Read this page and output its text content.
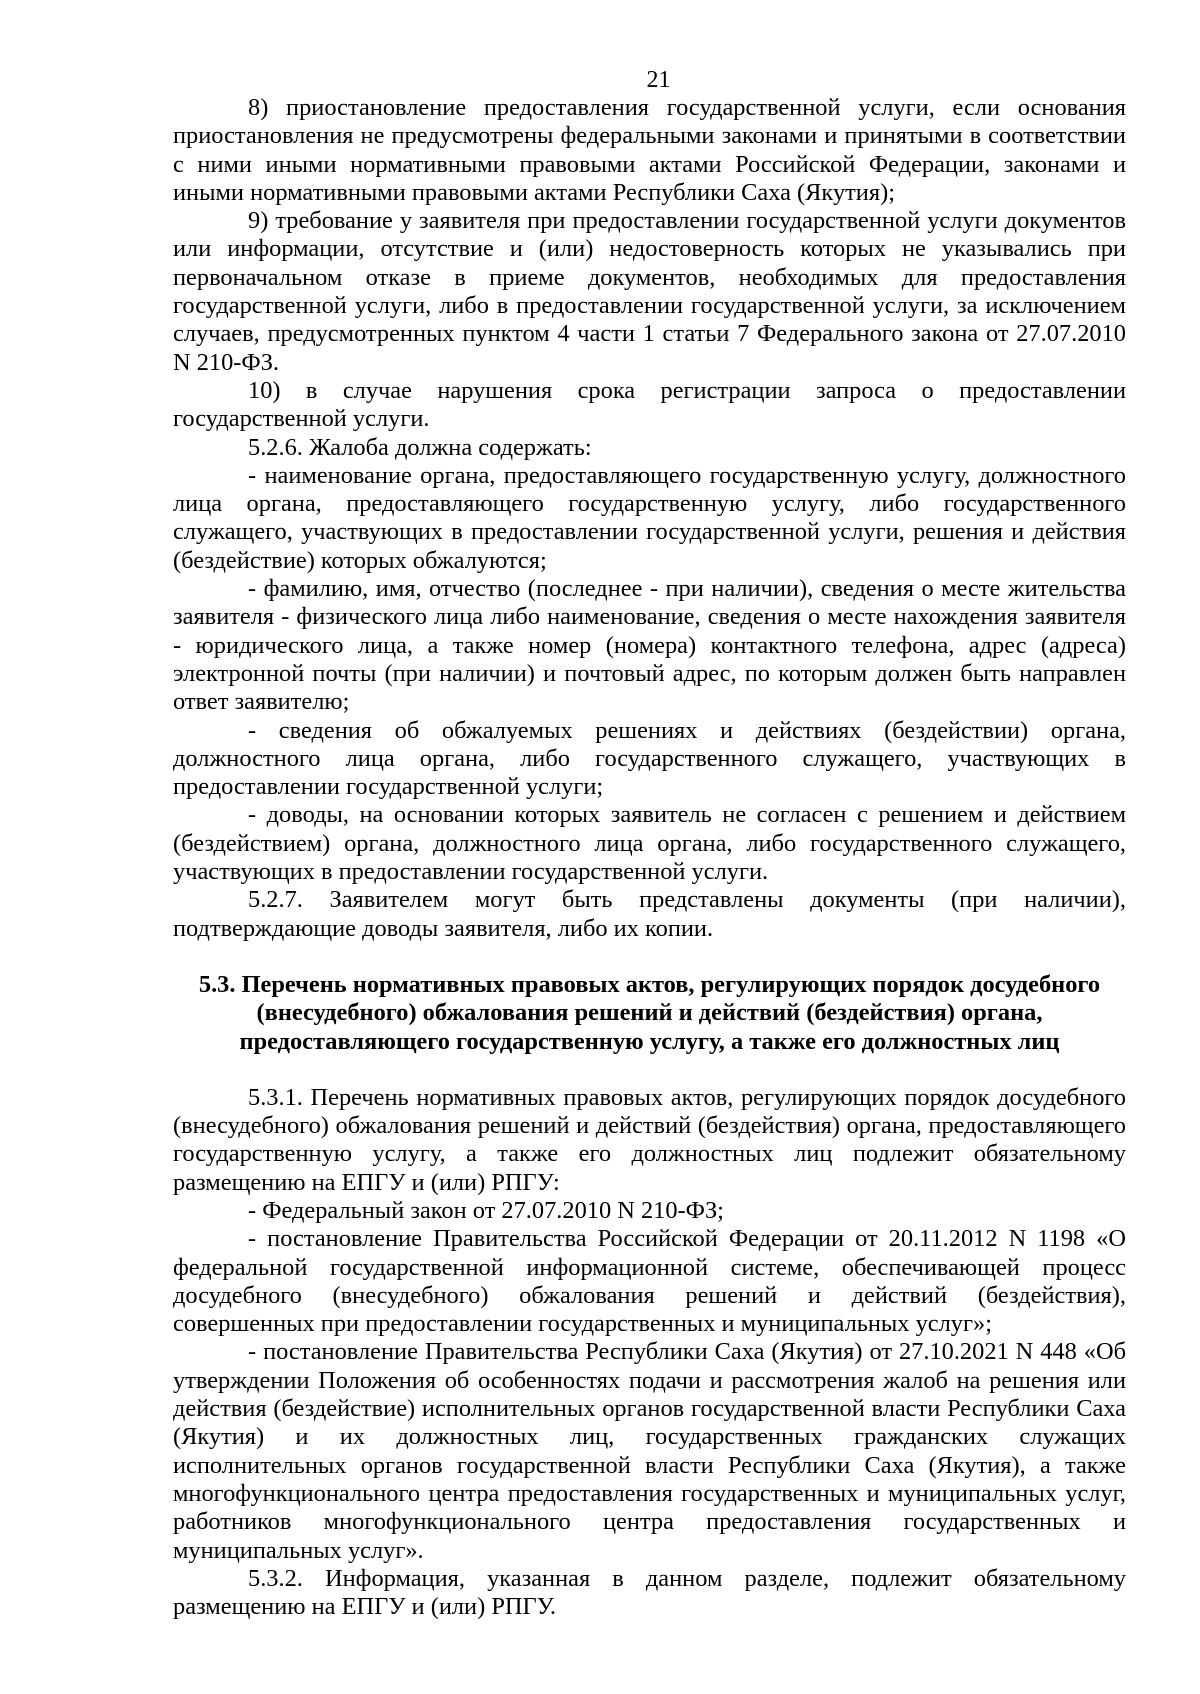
21

8) приостановление предоставления государственной услуги, если основания приостановления не предусмотрены федеральными законами и принятыми в соответствии с ними иными нормативными правовыми актами Российской Федерации, законами и иными нормативными правовыми актами Республики Саха (Якутия);

9) требование у заявителя при предоставлении государственной услуги документов или информации, отсутствие и (или) недостоверность которых не указывались при первоначальном отказе в приеме документов, необходимых для предоставления государственной услуги, либо в предоставлении государственной услуги, за исключением случаев, предусмотренных пунктом 4 части 1 статьи 7 Федерального закона от 27.07.2010 N 210-ФЗ.

10) в случае нарушения срока регистрации запроса о предоставлении государственной услуги.

5.2.6. Жалоба должна содержать:

- наименование органа, предоставляющего государственную услугу, должностного лица органа, предоставляющего государственную услугу, либо государственного служащего, участвующих в предоставлении государственной услуги, решения и действия (бездействие) которых обжалуются;

- фамилию, имя, отчество (последнее - при наличии), сведения о месте жительства заявителя - физического лица либо наименование, сведения о месте нахождения заявителя - юридического лица, а также номер (номера) контактного телефона, адрес (адреса) электронной почты (при наличии) и почтовый адрес, по которым должен быть направлен ответ заявителю;

- сведения об обжалуемых решениях и действиях (бездействии) органа, должностного лица органа, либо государственного служащего, участвующих в предоставлении государственной услуги;

- доводы, на основании которых заявитель не согласен с решением и действием (бездействием) органа, должностного лица органа, либо государственного служащего, участвующих в предоставлении государственной услуги.

5.2.7. Заявителем могут быть представлены документы (при наличии), подтверждающие доводы заявителя, либо их копии.

5.3. Перечень нормативных правовых актов, регулирующих порядок досудебного
(внесудебного) обжалования решений и действий (бездействия) органа,
предоставляющего государственную услугу, а также его должностных лиц

5.3.1. Перечень нормативных правовых актов, регулирующих порядок досудебного (внесудебного) обжалования решений и действий (бездействия) органа, предоставляющего государственную услугу, а также его должностных лиц подлежит обязательному размещению на ЕПГУ и (или) РПГУ:

- Федеральный закон от 27.07.2010 N 210-ФЗ;

- постановление Правительства Российской Федерации от 20.11.2012 N 1198 «О федеральной государственной информационной системе, обеспечивающей процесс досудебного (внесудебного) обжалования решений и действий (бездействия), совершенных при предоставлении государственных и муниципальных услуг»;

- постановление Правительства Республики Саха (Якутия) от 27.10.2021 N 448 «Об утверждении Положения об особенностях подачи и рассмотрения жалоб на решения или действия (бездействие) исполнительных органов государственной власти Республики Саха (Якутия) и их должностных лиц, государственных гражданских служащих исполнительных органов государственной власти Республики Саха (Якутия), а также многофункционального центра предоставления государственных и муниципальных услуг, работников многофункционального центра предоставления государственных и муниципальных услуг».

5.3.2. Информация, указанная в данном разделе, подлежит обязательному размещению на ЕПГУ и (или) РПГУ.
